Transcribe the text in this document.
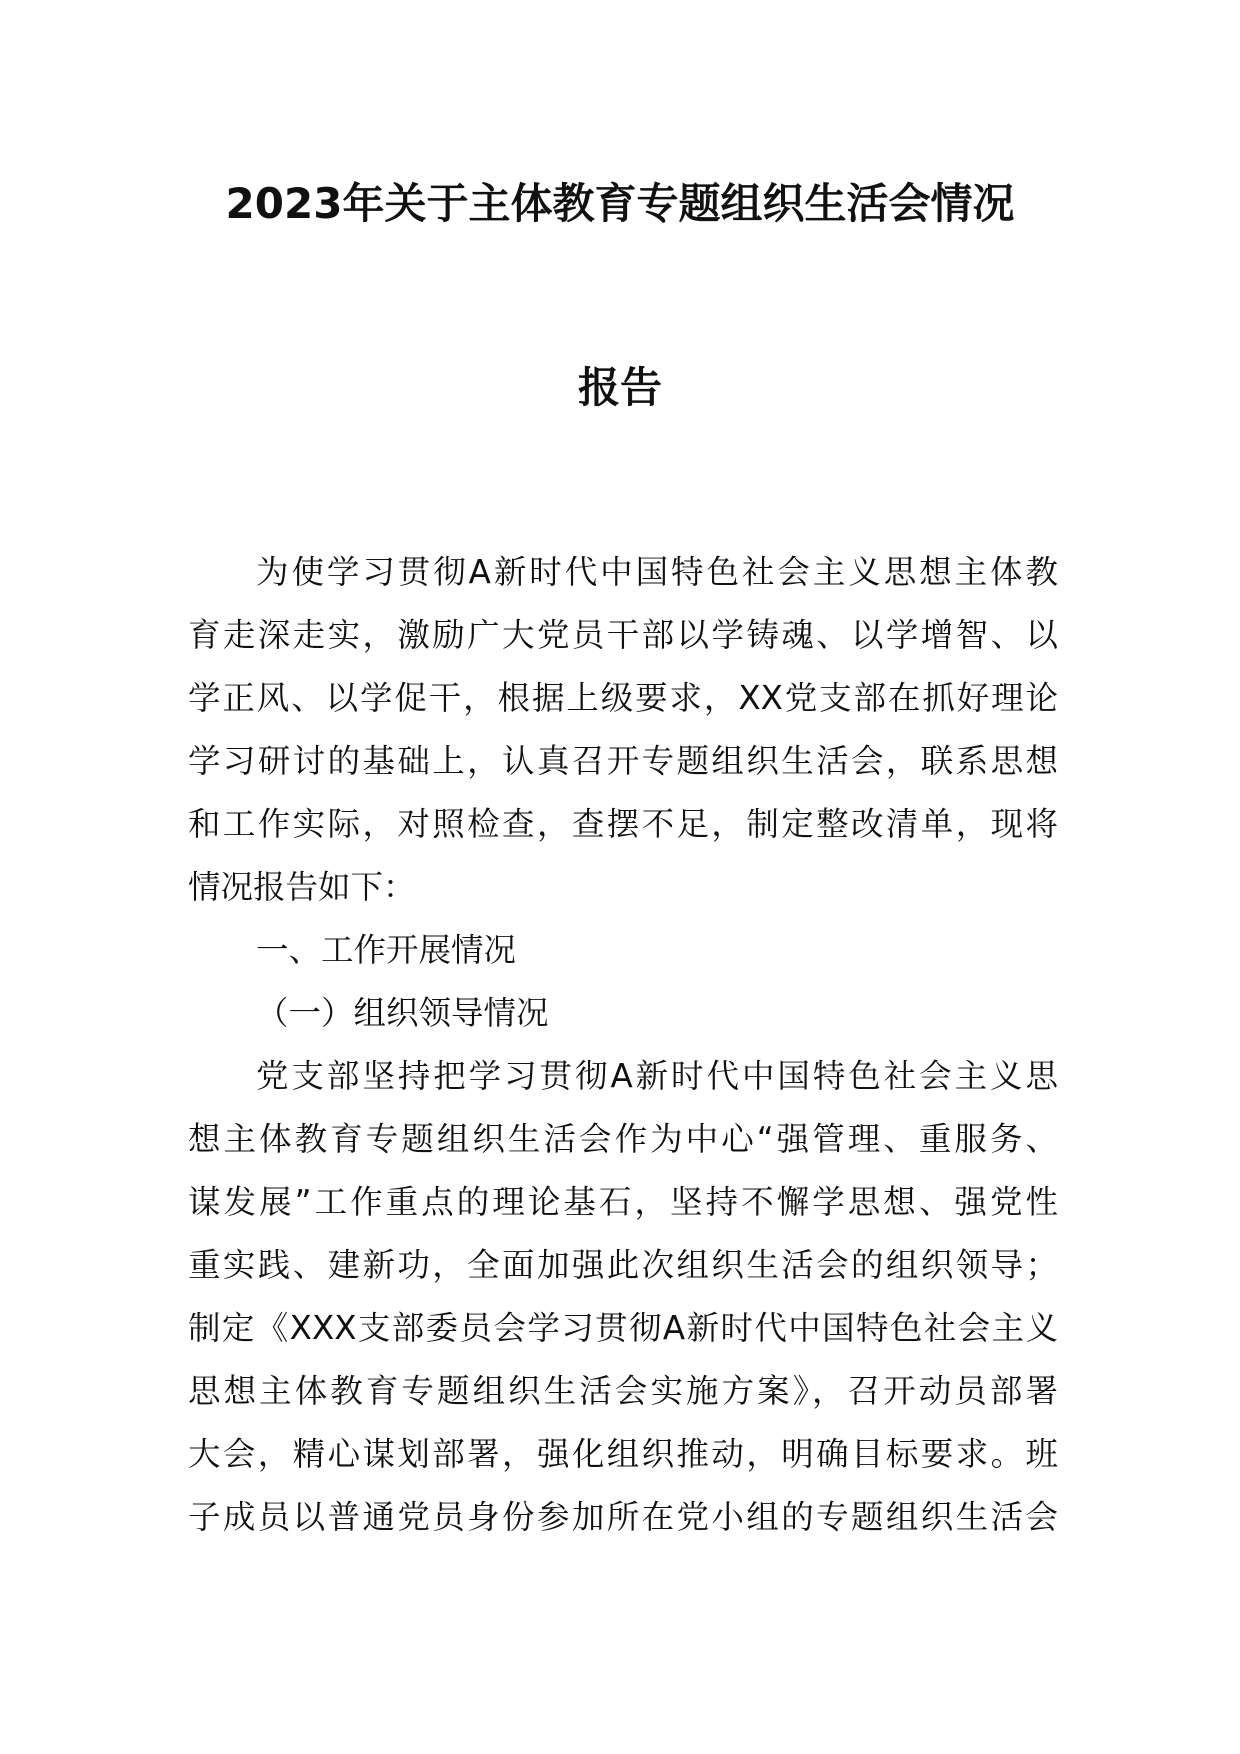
2023年关于主体教育专题组织生活会情况
报告

为使学习贯彻A新时代中国特色社会主义思想主体教

育走深走实，激励广大党员干部以学铸魂、以学增智、以

学正风、以学促干，根据上级要求，XX党支部在抓好理论

学习研讨的基础上，认真召开专题组织生活会，联系思想

和工作实际，对照检查，查摆不足，制定整改清单，现将

情况报告如下：

一、工作开展情况

（一）组织领导情况

党支部坚持把学习贯彻A新时代中国特色社会主义思

想主体教育专题组织生活会作为中心“强管理、重服务、

谋发展”工作重点的理论基石，坚持不懈学思想、强党性

重实践、建新功，全面加强此次组织生活会的组织领导；

制定《XXX支部委员会学习贯彻A新时代中国特色社会主义

思想主体教育专题组织生活会实施方案》，召开动员部署

大会，精心谋划部署，强化组织推动，明确目标要求。班

子成员以普通党员身份参加所在党小组的专题组织生活会
